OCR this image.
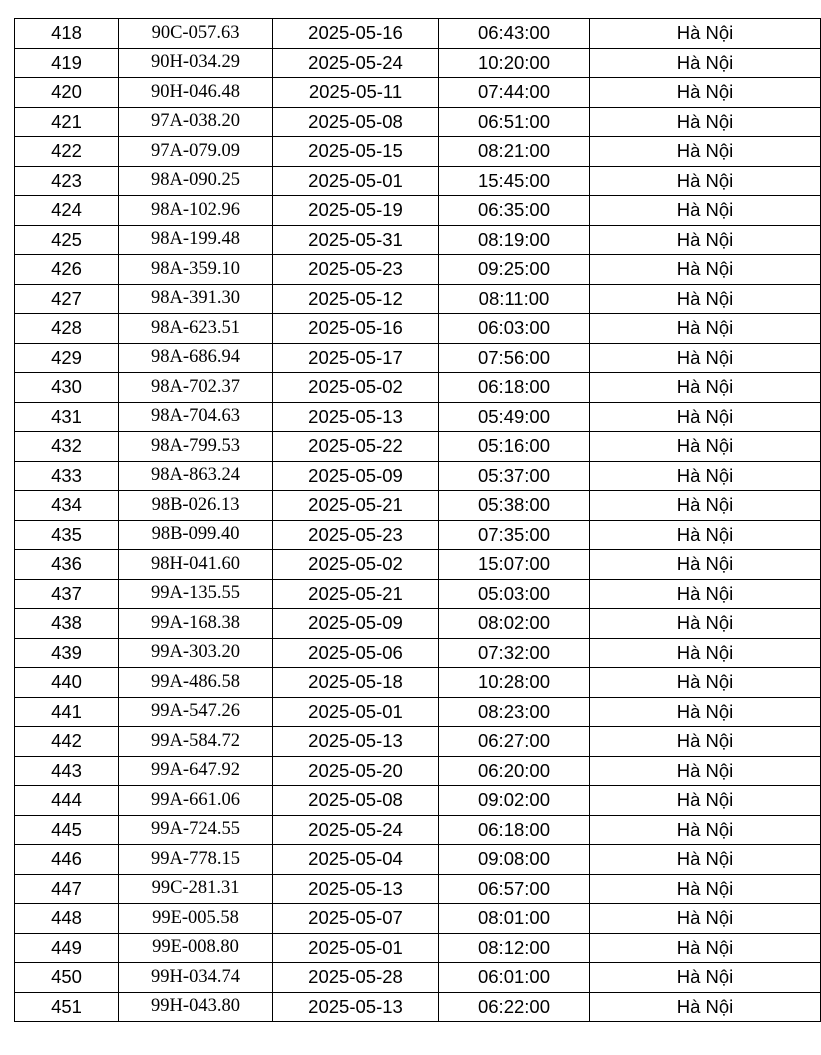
418	90C-057.63	2025-05-16	06:43:00	Hà Nội
419	90H-034.29	2025-05-24	10:20:00	Hà Nội
420	90H-046.48	2025-05-11	07:44:00	Hà Nội
421	97A-038.20	2025-05-08	06:51:00	Hà Nội
422	97A-079.09	2025-05-15	08:21:00	Hà Nội
423	98A-090.25	2025-05-01	15:45:00	Hà Nội
424	98A-102.96	2025-05-19	06:35:00	Hà Nội
425	98A-199.48	2025-05-31	08:19:00	Hà Nội
426	98A-359.10	2025-05-23	09:25:00	Hà Nội
427	98A-391.30	2025-05-12	08:11:00	Hà Nội
428	98A-623.51	2025-05-16	06:03:00	Hà Nội
429	98A-686.94	2025-05-17	07:56:00	Hà Nội
430	98A-702.37	2025-05-02	06:18:00	Hà Nội
431	98A-704.63	2025-05-13	05:49:00	Hà Nội
432	98A-799.53	2025-05-22	05:16:00	Hà Nội
433	98A-863.24	2025-05-09	05:37:00	Hà Nội
434	98B-026.13	2025-05-21	05:38:00	Hà Nội
435	98B-099.40	2025-05-23	07:35:00	Hà Nội
436	98H-041.60	2025-05-02	15:07:00	Hà Nội
437	99A-135.55	2025-05-21	05:03:00	Hà Nội
438	99A-168.38	2025-05-09	08:02:00	Hà Nội
439	99A-303.20	2025-05-06	07:32:00	Hà Nội
440	99A-486.58	2025-05-18	10:28:00	Hà Nội
441	99A-547.26	2025-05-01	08:23:00	Hà Nội
442	99A-584.72	2025-05-13	06:27:00	Hà Nội
443	99A-647.92	2025-05-20	06:20:00	Hà Nội
444	99A-661.06	2025-05-08	09:02:00	Hà Nội
445	99A-724.55	2025-05-24	06:18:00	Hà Nội
446	99A-778.15	2025-05-04	09:08:00	Hà Nội
447	99C-281.31	2025-05-13	06:57:00	Hà Nội
448	99E-005.58	2025-05-07	08:01:00	Hà Nội
449	99E-008.80	2025-05-01	08:12:00	Hà Nội
450	99H-034.74	2025-05-28	06:01:00	Hà Nội
451	99H-043.80	2025-05-13	06:22:00	Hà Nội
